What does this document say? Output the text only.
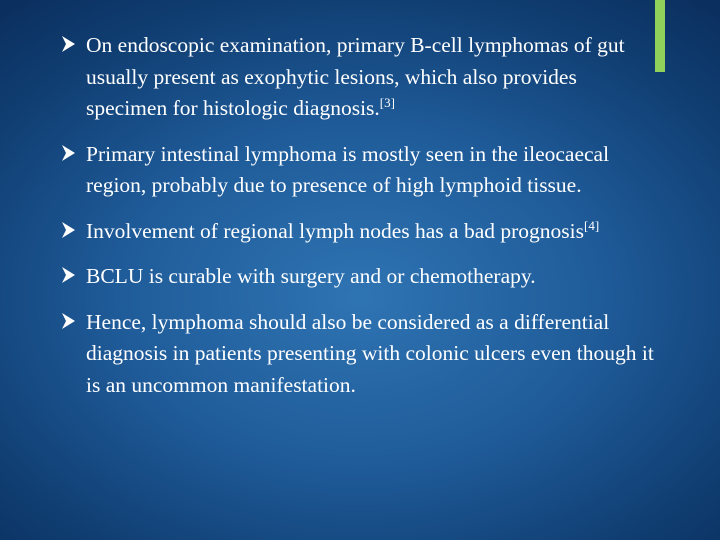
On endoscopic examination, primary B-cell lymphomas of gut usually present as exophytic lesions, which also provides specimen for histologic diagnosis.[3]
Primary intestinal lymphoma is mostly seen in the ileocaecal region, probably due to presence of high lymphoid tissue.
Involvement of regional lymph nodes has a bad prognosis[4]
BCLU is curable with surgery and or chemotherapy.
Hence, lymphoma should also be considered as a differential diagnosis in patients presenting with colonic ulcers even though it is an uncommon manifestation.
